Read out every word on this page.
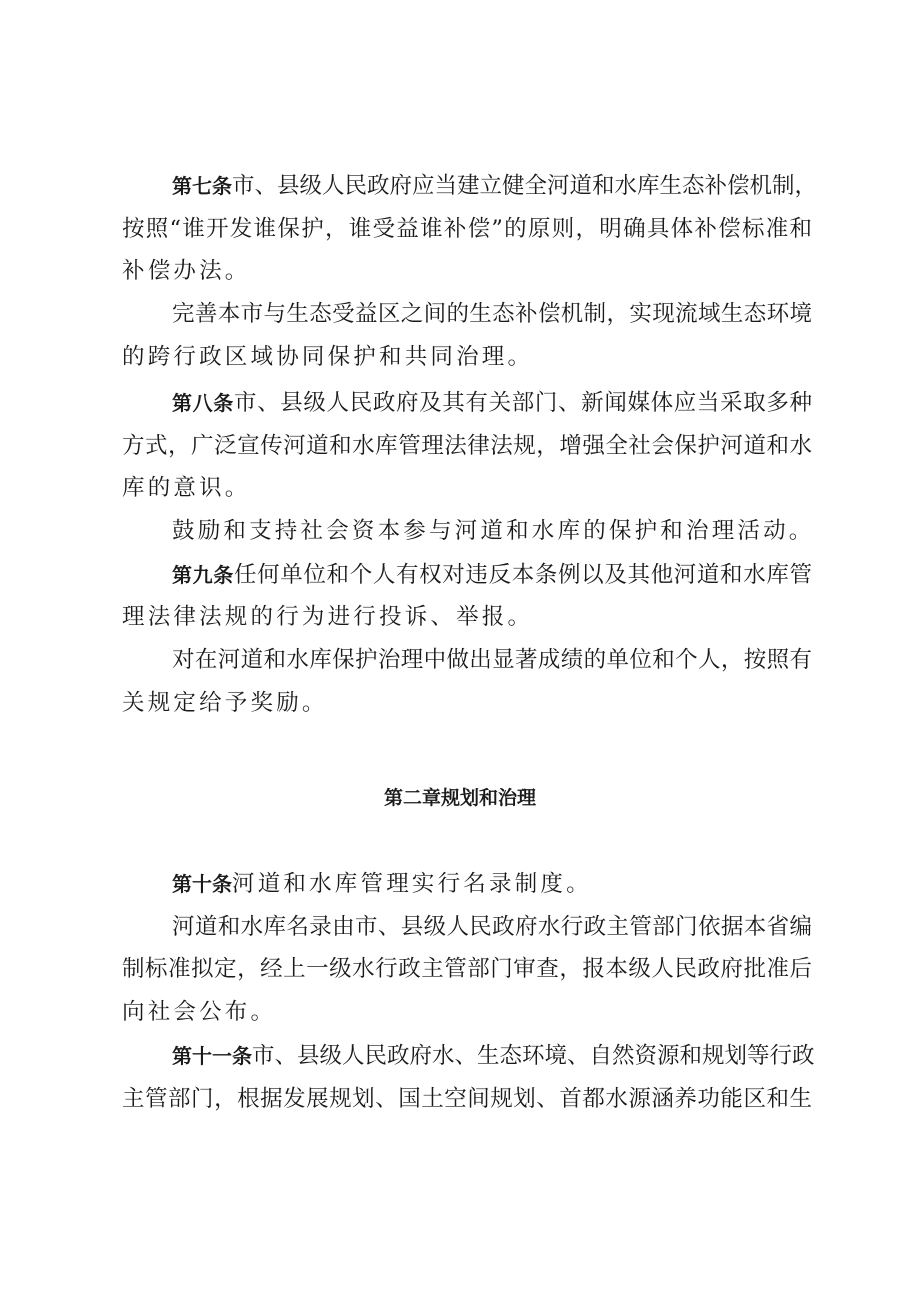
第七条市、县级人民政府应当建立健全河道和水库生态补偿机制，
按照“谁开发谁保护，谁受益谁补偿”的原则，明确具体补偿标准和
补偿办法。
完善本市与生态受益区之间的生态补偿机制，实现流域生态环境
的跨行政区域协同保护和共同治理。
第八条市、县级人民政府及其有关部门、新闻媒体应当采取多种
方式，广泛宣传河道和水库管理法律法规，增强全社会保护河道和水
库的意识。
鼓励和支持社会资本参与河道和水库的保护和治理活动。
第九条任何单位和个人有权对违反本条例以及其他河道和水库管
理法律法规的行为进行投诉、举报。
对在河道和水库保护治理中做出显著成绩的单位和个人，按照有
关规定给予奖励。
第二章规划和治理
第十条河道和水库管理实行名录制度。
河道和水库名录由市、县级人民政府水行政主管部门依据本省编
制标准拟定，经上一级水行政主管部门审查，报本级人民政府批准后
向社会公布。
第十一条市、县级人民政府水、生态环境、自然资源和规划等行政
主管部门，根据发展规划、国土空间规划、首都水源涵养功能区和生
